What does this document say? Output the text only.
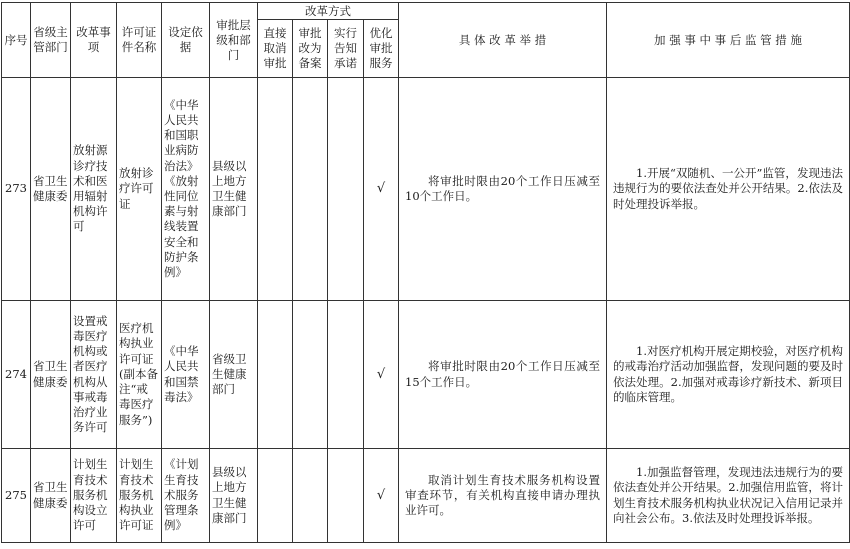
序号	省级主管部门	改革事项	许可证件名称	设定依据	审批层级和部门	改革方式				具 体 改 革 举 措	加 强 事 中 事 后 监 管 措 施
						直接取消审批	审批改为备案	实行告知承诺	优化审批服务		
273	省卫生健康委	放射源诊疗技术和医用辐射机构许可	放射诊疗许可证	《中华人民共和国职业病防治法》《放射性同位素与射线装置安全和防护条例》	县级以上地方卫生健康部门				√	将审批时限由20个工作日压减至10个工作日。	1.开展“双随机、一公开”监管，发现违法违规行为的要依法查处并公开结果。2.依法及时处理投诉举报。
274	省卫生健康委	设置戒毒医疗机构或者医疗机构从事戒毒治疗业务许可	医疗机构执业许可证(副本备注“戒毒医疗服务”)	《中华人民共和国禁毒法》	省级卫生健康部门				√	将审批时限由20个工作日压减至15个工作日。	1.对医疗机构开展定期校验，对医疗机构的戒毒治疗活动加强监督，发现问题的要及时依法处理。2.加强对戒毒诊疗新技术、新项目的临床管理。
275	省卫生健康委	计划生育技术服务机构设立许可	计划生育技术服务机构执业许可证	《计划生育技术服务管理条例》	县级以上地方卫生健康部门				√	取消计划生育技术服务机构设置审查环节，有关机构直接申请办理执业许可。	1.加强监督管理，发现违法违规行为的要依法查处并公开结果。2.加强信用监管，将计划生育技术服务机构执业状况记入信用记录并向社会公布。3.依法及时处理投诉举报。
